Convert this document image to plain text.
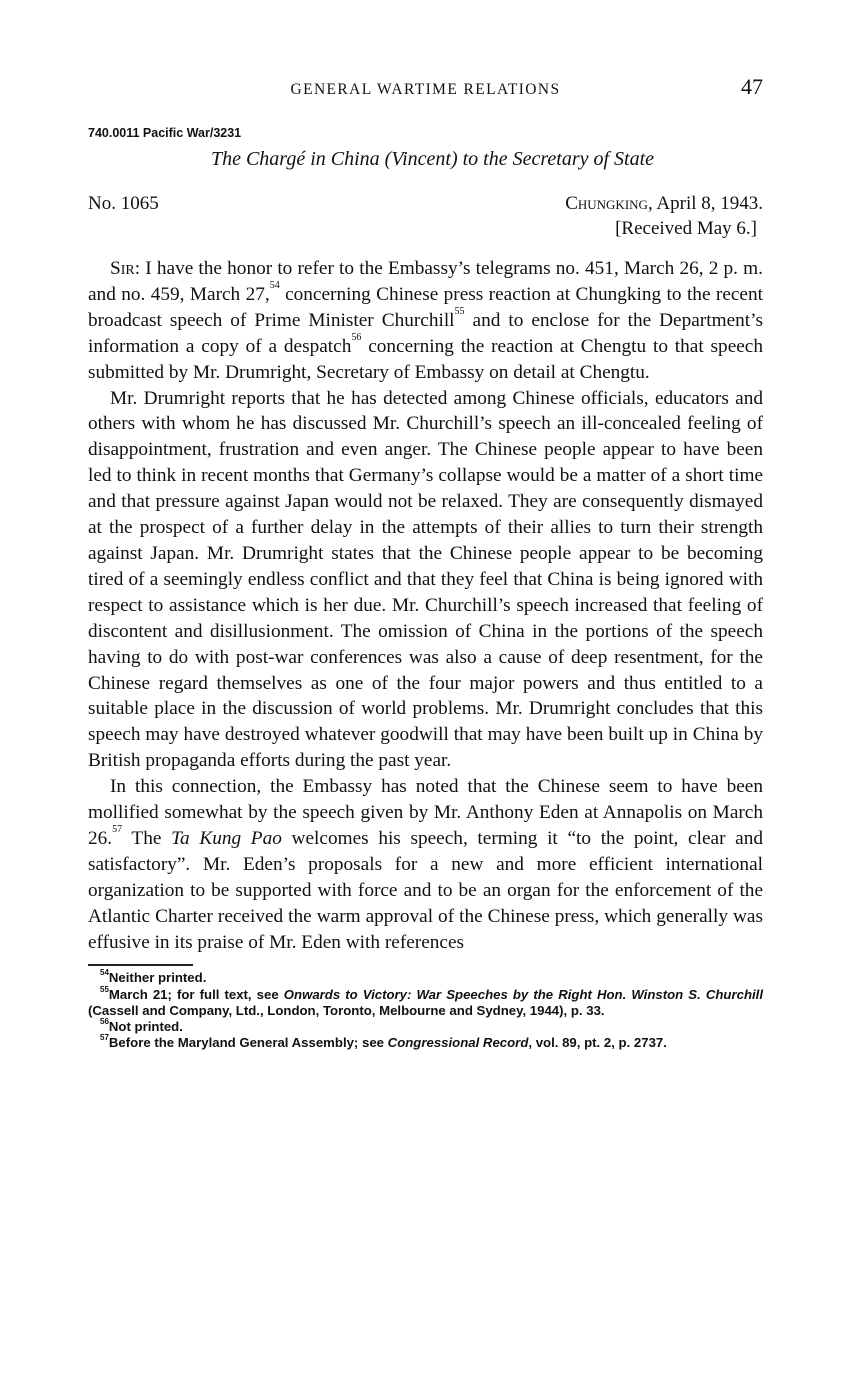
GENERAL WARTIME RELATIONS	47
740.0011 Pacific War/3231
The Chargé in China (Vincent) to the Secretary of State
No. 1065	Chungking, April 8, 1943.
[Received May 6.]

Sir: I have the honor to refer to the Embassy’s telegrams no. 451, March 26, 2 p. m. and no. 459, March 27,54 concerning Chinese press reaction at Chungking to the recent broadcast speech of Prime Minister Churchill$^{55}$ and to enclose for the Department’s information a copy of a despatch$^{56}$ concerning the reaction at Chengtu to that speech submitted by Mr. Drumright, Secretary of Embassy on detail at Chengtu.

Mr. Drumright reports that he has detected among Chinese officials, educators and others with whom he has discussed Mr. Churchill’s speech an ill-concealed feeling of disappointment, frustration and even anger. The Chinese people appear to have been led to think in recent months that Germany’s collapse would be a matter of a short time and that pressure against Japan would not be relaxed. They are consequently dismayed at the prospect of a further delay in the attempts of their allies to turn their strength against Japan. Mr. Drumright states that the Chinese people appear to be becoming tired of a seemingly endless conflict and that they feel that China is being ignored with respect to assistance which is her due. Mr. Churchill’s speech increased that feeling of discontent and disillusionment. The omission of China in the portions of the speech having to do with post-war conferences was also a cause of deep resentment, for the Chinese regard themselves as one of the four major powers and thus entitled to a suitable place in the discussion of world problems. Mr. Drumright concludes that this speech may have destroyed whatever goodwill that may have been built up in China by British propaganda efforts during the past year.

In this connection, the Embassy has noted that the Chinese seem to have been mollified somewhat by the speech given by Mr. Anthony Eden at Annapolis on March 26.57 The Ta Kung Pao welcomes his speech, terming it “to the point, clear and satisfactory”. Mr. Eden’s proposals for a new and more efficient international organization to be supported with force and to be an organ for the enforcement of the Atlantic Charter received the warm approval of the Chinese press, which generally was effusive in its praise of Mr. Eden with references

$^{54}$Neither printed.
$^{55}$March 21; for full text, see Onwards to Victory: War Speeches by the Right Hon. Winston S. Churchill (Cassell and Company, Ltd., London, Toronto, Melbourne and Sydney, 1944), p. 33.
$^{56}$Not printed.
$^{57}$Before the Maryland General Assembly; see Congressional Record, vol. 89, pt. 2, p. 2737.
